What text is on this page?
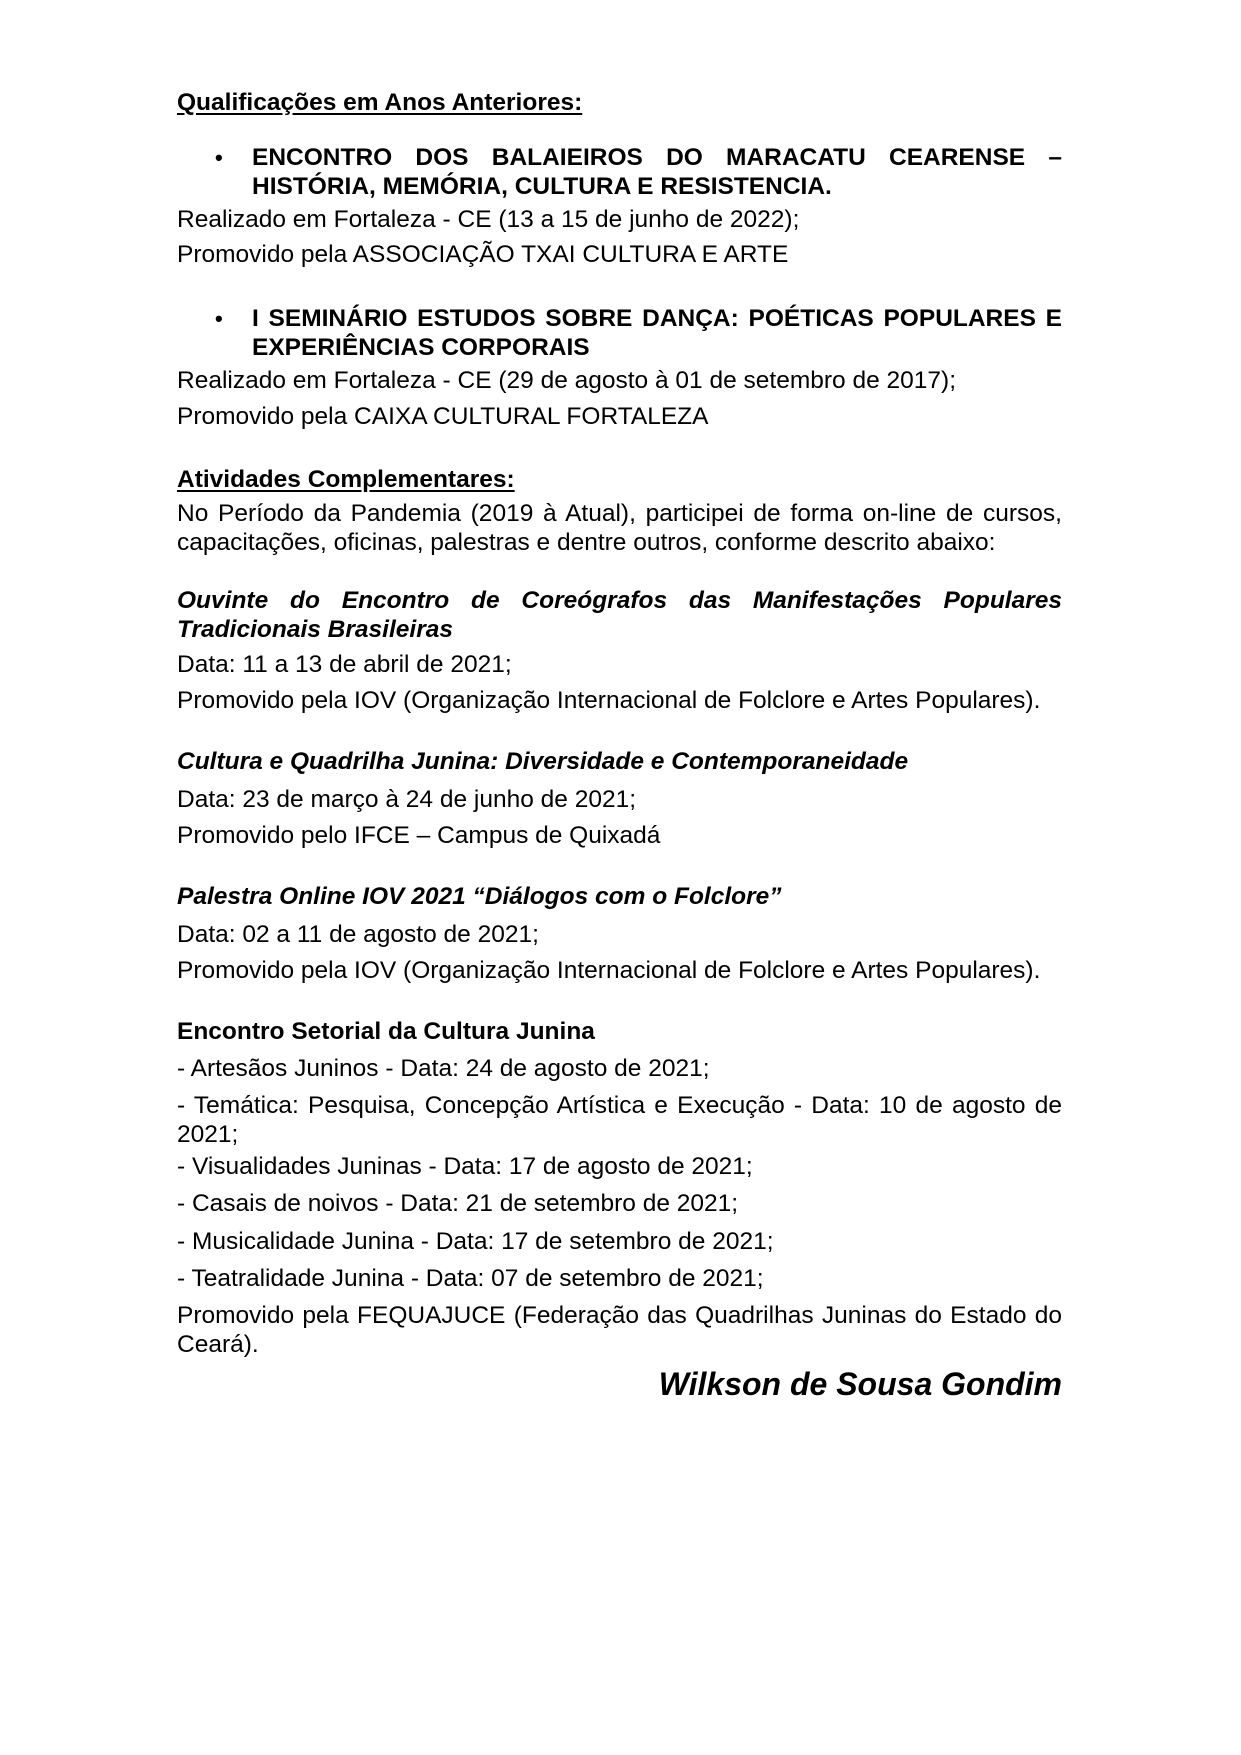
Qualificações em Anos Anteriores:
• ENCONTRO DOS BALAIEIROS DO MARACATU CEARENSE – HISTÓRIA, MEMÓRIA, CULTURA E RESISTENCIA.
Realizado em Fortaleza - CE (13 a 15 de junho de 2022);
Promovido pela ASSOCIAÇÃO TXAI CULTURA E ARTE
• I SEMINÁRIO ESTUDOS SOBRE DANÇA: POÉTICAS POPULARES E EXPERIÊNCIAS CORPORAIS
Realizado em Fortaleza - CE (29 de agosto à 01 de setembro de 2017);
Promovido pela CAIXA CULTURAL FORTALEZA
Atividades Complementares:
No Período da Pandemia (2019 à Atual), participei de forma on-line de cursos, capacitações, oficinas, palestras e dentre outros, conforme descrito abaixo:
Ouvinte do Encontro de Coreógrafos das Manifestações Populares Tradicionais Brasileiras
Data: 11 a 13 de abril de 2021;
Promovido pela IOV (Organização Internacional de Folclore e Artes Populares).
Cultura e Quadrilha Junina: Diversidade e Contemporaneidade
Data: 23 de março à 24 de junho de 2021;
Promovido pelo IFCE – Campus de Quixadá
Palestra Online IOV 2021 “Diálogos com o Folclore”
Data: 02 a 11 de agosto de 2021;
Promovido pela IOV (Organização Internacional de Folclore e Artes Populares).
Encontro Setorial da Cultura Junina
- Artesãos Juninos - Data: 24 de agosto de 2021;
- Temática: Pesquisa, Concepção Artística e Execução - Data: 10 de agosto de 2021;
- Visualidades Juninas - Data: 17 de agosto de 2021;
- Casais de noivos - Data: 21 de setembro de 2021;
- Musicalidade Junina - Data: 17 de setembro de 2021;
- Teatralidade Junina - Data: 07 de setembro de 2021;
Promovido pela FEQUAJUCE (Federação das Quadrilhas Juninas do Estado do Ceará).
Wilkson de Sousa Gondim
